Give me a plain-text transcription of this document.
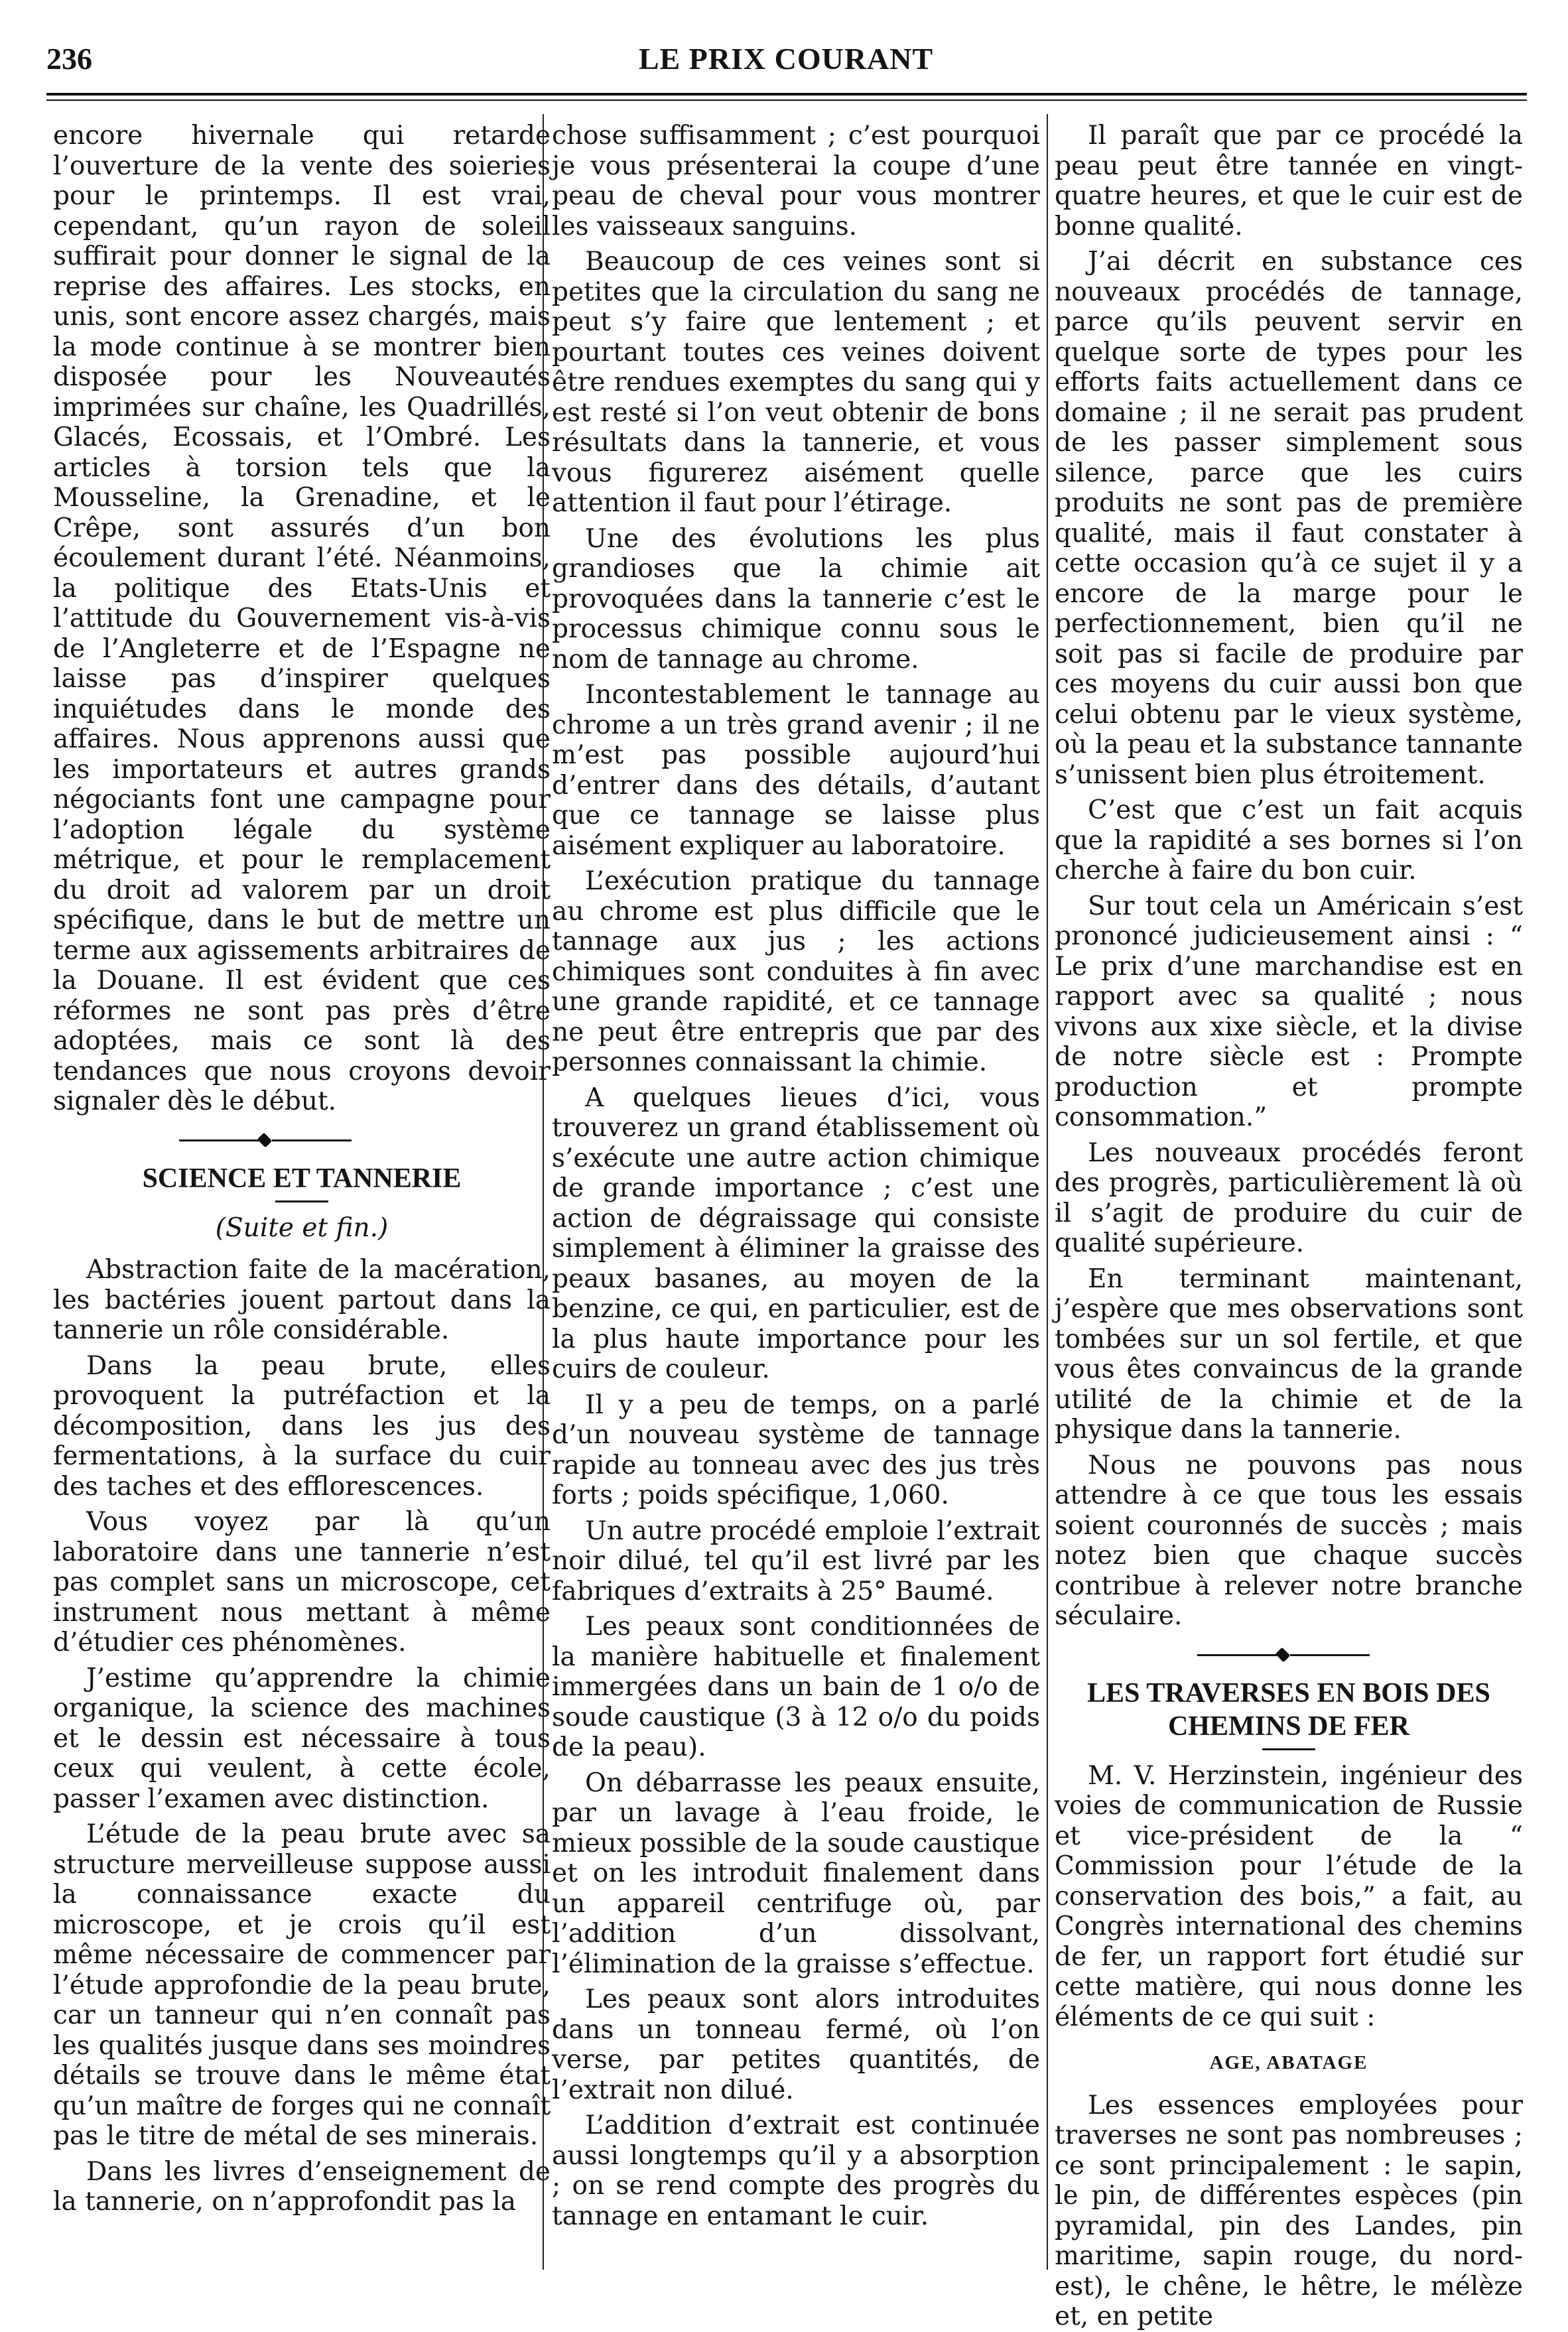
236	LE PRIX COURANT

encore hivernale qui retarde l’ouverture de la vente des soieries pour le printemps. Il est vrai, cependant, qu’un rayon de soleil suffirait pour donner le signal de la reprise des affaires. Les stocks, en unis, sont encore assez chargés, mais la mode continue à se montrer bien disposée pour les Nouveautés imprimées sur chaîne, les Quadrillés, Glacés, Ecossais, et l’Ombré. Les articles à torsion tels que la Mousseline, la Grenadine, et le Crêpe, sont assurés d’un bon écoulement durant l’été. Néanmoins, la politique des Etats-Unis et l’attitude du Gouvernement vis-à-vis de l’Angleterre et de l’Espagne ne laisse pas d’inspirer quelques inquiétudes dans le monde des affaires. Nous apprenons aussi que les importateurs et autres grands négociants font une campagne pour l’adoption légale du système métrique, et pour le remplacement du droit ad valorem par un droit spécifique, dans le but de mettre un terme aux agissements arbitraires de la Douane. Il est évident que ces réformes ne sont pas près d’être adoptées, mais ce sont là des tendances que nous croyons devoir signaler dès le début.

SCIENCE ET TANNERIE
(Suite et fin.)

Abstraction faite de la macération, les bactéries jouent partout dans la tannerie un rôle considérable.

Dans la peau brute, elles provoquent la putréfaction et la décomposition, dans les jus des fermentations, à la surface du cuir des taches et des efflorescences.

Vous voyez par là qu’un laboratoire dans une tannerie n’est pas complet sans un microscope, cet instrument nous mettant à même d’étudier ces phénomènes.

J’estime qu’apprendre la chimie organique, la science des machines et le dessin est nécessaire à tous ceux qui veulent, à cette école, passer l’examen avec distinction.

L’étude de la peau brute avec sa structure merveilleuse suppose aussi la connaissance exacte du microscope, et je crois qu’il est même nécessaire de commencer par l’étude approfondie de la peau brute, car un tanneur qui n’en connaît pas les qualités jusque dans ses moindres détails se trouve dans le même état qu’un maître de forges qui ne connaît pas le titre de métal de ses minerais.

Dans les livres d’enseignement de la tannerie, on n’approfondit pas la

chose suffisamment ; c’est pourquoi je vous présenterai la coupe d’une peau de cheval pour vous montrer les vaisseaux sanguins.

Beaucoup de ces veines sont si petites que la circulation du sang ne peut s’y faire que lentement ; et pourtant toutes ces veines doivent être rendues exemptes du sang qui y est resté si l’on veut obtenir de bons résultats dans la tannerie, et vous vous figurerez aisément quelle attention il faut pour l’étirage.

Une des évolutions les plus grandioses que la chimie ait provoquées dans la tannerie c’est le processus chimique connu sous le nom de tannage au chrome.

Incontestablement le tannage au chrome a un très grand avenir ; il ne m’est pas possible aujourd’hui d’entrer dans des détails, d’autant que ce tannage se laisse plus aisément expliquer au laboratoire.

L’exécution pratique du tannage au chrome est plus difficile que le tannage aux jus ; les actions chimiques sont conduites à fin avec une grande rapidité, et ce tannage ne peut être entrepris que par des personnes connaissant la chimie.

A quelques lieues d’ici, vous trouverez un grand établissement où s’exécute une autre action chimique de grande importance ; c’est une action de dégraissage qui consiste simplement à éliminer la graisse des peaux basanes, au moyen de la benzine, ce qui, en particulier, est de la plus haute importance pour les cuirs de couleur.

Il y a peu de temps, on a parlé d’un nouveau système de tannage rapide au tonneau avec des jus très forts ; poids spécifique, 1,060.

Un autre procédé emploie l’extrait noir dilué, tel qu’il est livré par les fabriques d’extraits à 25° Baumé.

Les peaux sont conditionnées de la manière habituelle et finalement immergées dans un bain de 1 o/o de soude caustique (3 à 12 o/o du poids de la peau).

On débarrasse les peaux ensuite, par un lavage à l’eau froide, le mieux possible de la soude caustique et on les introduit finalement dans un appareil centrifuge où, par l’addition d’un dissolvant, l’élimination de la graisse s’effectue.

Les peaux sont alors introduites dans un tonneau fermé, où l’on verse, par petites quantités, de l’extrait non dilué.

L’addition d’extrait est continuée aussi longtemps qu’il y a absorption ; on se rend compte des progrès du tannage en entamant le cuir.

Il paraît que par ce procédé la peau peut être tannée en vingt-quatre heures, et que le cuir est de bonne qualité.

J’ai décrit en substance ces nouveaux procédés de tannage, parce qu’ils peuvent servir en quelque sorte de types pour les efforts faits actuellement dans ce domaine ; il ne serait pas prudent de les passer simplement sous silence, parce que les cuirs produits ne sont pas de première qualité, mais il faut constater à cette occasion qu’à ce sujet il y a encore de la marge pour le perfectionnement, bien qu’il ne soit pas si facile de produire par ces moyens du cuir aussi bon que celui obtenu par le vieux système, où la peau et la substance tannante s’unissent bien plus étroitement.

C’est que c’est un fait acquis que la rapidité a ses bornes si l’on cherche à faire du bon cuir.

Sur tout cela un Américain s’est prononcé judicieusement ainsi : “ Le prix d’une marchandise est en rapport avec sa qualité ; nous vivons aux xixe siècle, et la divise de notre siècle est : Prompte production et prompte consommation.”

Les nouveaux procédés feront des progrès, particulièrement là où il s’agit de produire du cuir de qualité supérieure.

En terminant maintenant, j’espère que mes observations sont tombées sur un sol fertile, et que vous êtes convaincus de la grande utilité de la chimie et de la physique dans la tannerie.

Nous ne pouvons pas nous attendre à ce que tous les essais soient couronnés de succès ; mais notez bien que chaque succès contribue à relever notre branche séculaire.

LES TRAVERSES EN BOIS DES CHEMINS DE FER

M. V. Herzinstein, ingénieur des voies de communication de Russie et vice-président de la “ Commission pour l’étude de la conservation des bois,” a fait, au Congrès international des chemins de fer, un rapport fort étudié sur cette matière, qui nous donne les éléments de ce qui suit :

AGE, ABATAGE

Les essences employées pour traverses ne sont pas nombreuses ; ce sont principalement : le sapin, le pin, de différentes espèces (pin pyramidal, pin des Landes, pin maritime, sapin rouge, du nord-est), le chêne, le hêtre, le mélèze et, en petite
